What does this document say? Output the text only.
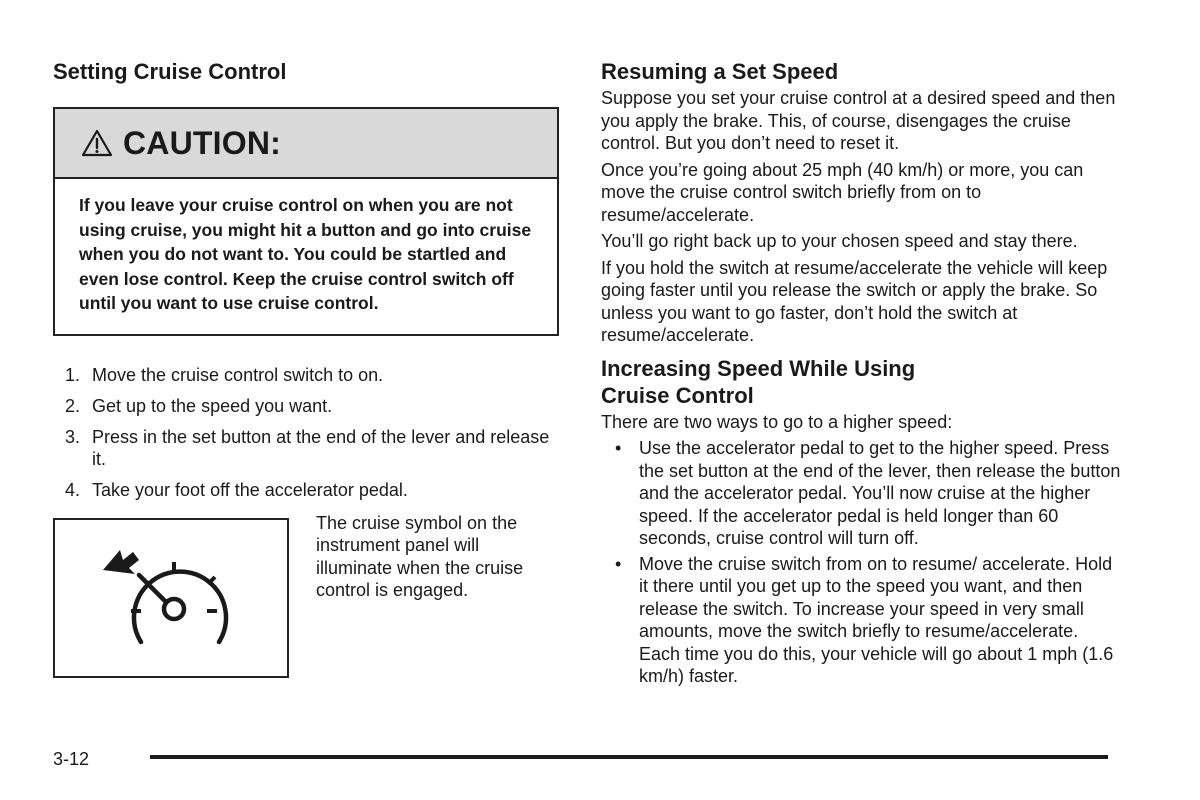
Setting Cruise Control
CAUTION:
If you leave your cruise control on when you are not using cruise, you might hit a button and go into cruise when you do not want to. You could be startled and even lose control. Keep the cruise control switch off until you want to use cruise control.
1. Move the cruise control switch to on.
2. Get up to the speed you want.
3. Press in the set button at the end of the lever and release it.
4. Take your foot off the accelerator pedal.
The cruise symbol on the instrument panel will illuminate when the cruise control is engaged.
Resuming a Set Speed

Suppose you set your cruise control at a desired speed and then you apply the brake. This, of course, disengages the cruise control. But you don’t need to reset it.

Once you’re going about 25 mph (40 km/h) or more, you can move the cruise control switch briefly from on to resume/accelerate.

You’ll go right back up to your chosen speed and stay there.

If you hold the switch at resume/accelerate the vehicle will keep going faster until you release the switch or apply the brake. So unless you want to go faster, don’t hold the switch at resume/accelerate.

Increasing Speed While Using
Cruise Control

There are two ways to go to a higher speed:

• Use the accelerator pedal to get to the higher speed. Press the set button at the end of the lever, then release the button and the accelerator pedal. You’ll now cruise at the higher speed. If the accelerator pedal is held longer than 60 seconds, cruise control will turn off.
• Move the cruise switch from on to resume/ accelerate. Hold it there until you get up to the speed you want, and then release the switch. To increase your speed in very small amounts, move the switch briefly to resume/accelerate. Each time you do this, your vehicle will go about 1 mph (1.6 km/h) faster.
3-12
